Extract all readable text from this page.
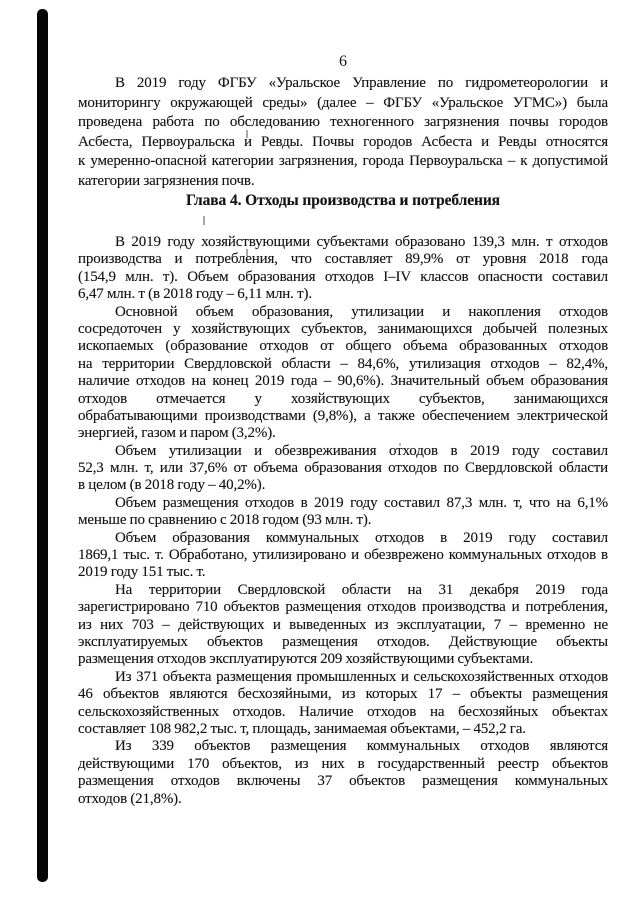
6
В 2019 году ФГБУ «Уральское Управление по гидрометеорологии и
мониторингу окружающей среды» (далее – ФГБУ «Уральское УГМС») была
проведена работа по обследованию техногенного загрязнения почвы городов
Асбеста, Первоуральска и Ревды. Почвы городов Асбеста и Ревды относятся
к умеренно-опасной категории загрязнения, города Первоуральска – к допустимой
категории загрязнения почв.
Глава 4. Отходы производства и потребления
В 2019 году хозяйствующими субъектами образовано 139,3 млн. т отходов
производства и потребления, что составляет 89,9% от уровня 2018 года
(154,9 млн. т). Объем образования отходов I–IV классов опасности составил
6,47 млн. т (в 2018 году – 6,11 млн. т).
Основной объем образования, утилизации и накопления отходов
сосредоточен у хозяйствующих субъектов, занимающихся добычей полезных
ископаемых (образование отходов от общего объема образованных отходов
на территории Свердловской области – 84,6%, утилизация отходов – 82,4%,
наличие отходов на конец 2019 года – 90,6%). Значительный объем образования
отходов отмечается у хозяйствующих субъектов, занимающихся
обрабатывающими производствами (9,8%), а также обеспечением электрической
энергией, газом и паром (3,2%).
Объем утилизации и обезвреживания отходов в 2019 году составил
52,3 млн. т, или 37,6% от объема образования отходов по Свердловской области
в целом (в 2018 году – 40,2%).
Объем размещения отходов в 2019 году составил 87,3 млн. т, что на 6,1%
меньше по сравнению с 2018 годом (93 млн. т).
Объем образования коммунальных отходов в 2019 году составил
1869,1 тыс. т. Обработано, утилизировано и обезврежено коммунальных отходов в
2019 году 151 тыс. т.
На территории Свердловской области на 31 декабря 2019 года
зарегистрировано 710 объектов размещения отходов производства и потребления,
из них 703 – действующих и выведенных из эксплуатации, 7 – временно не
эксплуатируемых объектов размещения отходов. Действующие объекты
размещения отходов эксплуатируются 209 хозяйствующими субъектами.
Из 371 объекта размещения промышленных и сельскохозяйственных отходов
46 объектов являются бесхозяйными, из которых 17 – объекты размещения
сельскохозяйственных отходов. Наличие отходов на бесхозяйных объектах
составляет 108 982,2 тыс. т, площадь, занимаемая объектами, – 452,2 га.
Из 339 объектов размещения коммунальных отходов являются
действующими 170 объектов, из них в государственный реестр объектов
размещения отходов включены 37 объектов размещения коммунальных
отходов (21,8%).
